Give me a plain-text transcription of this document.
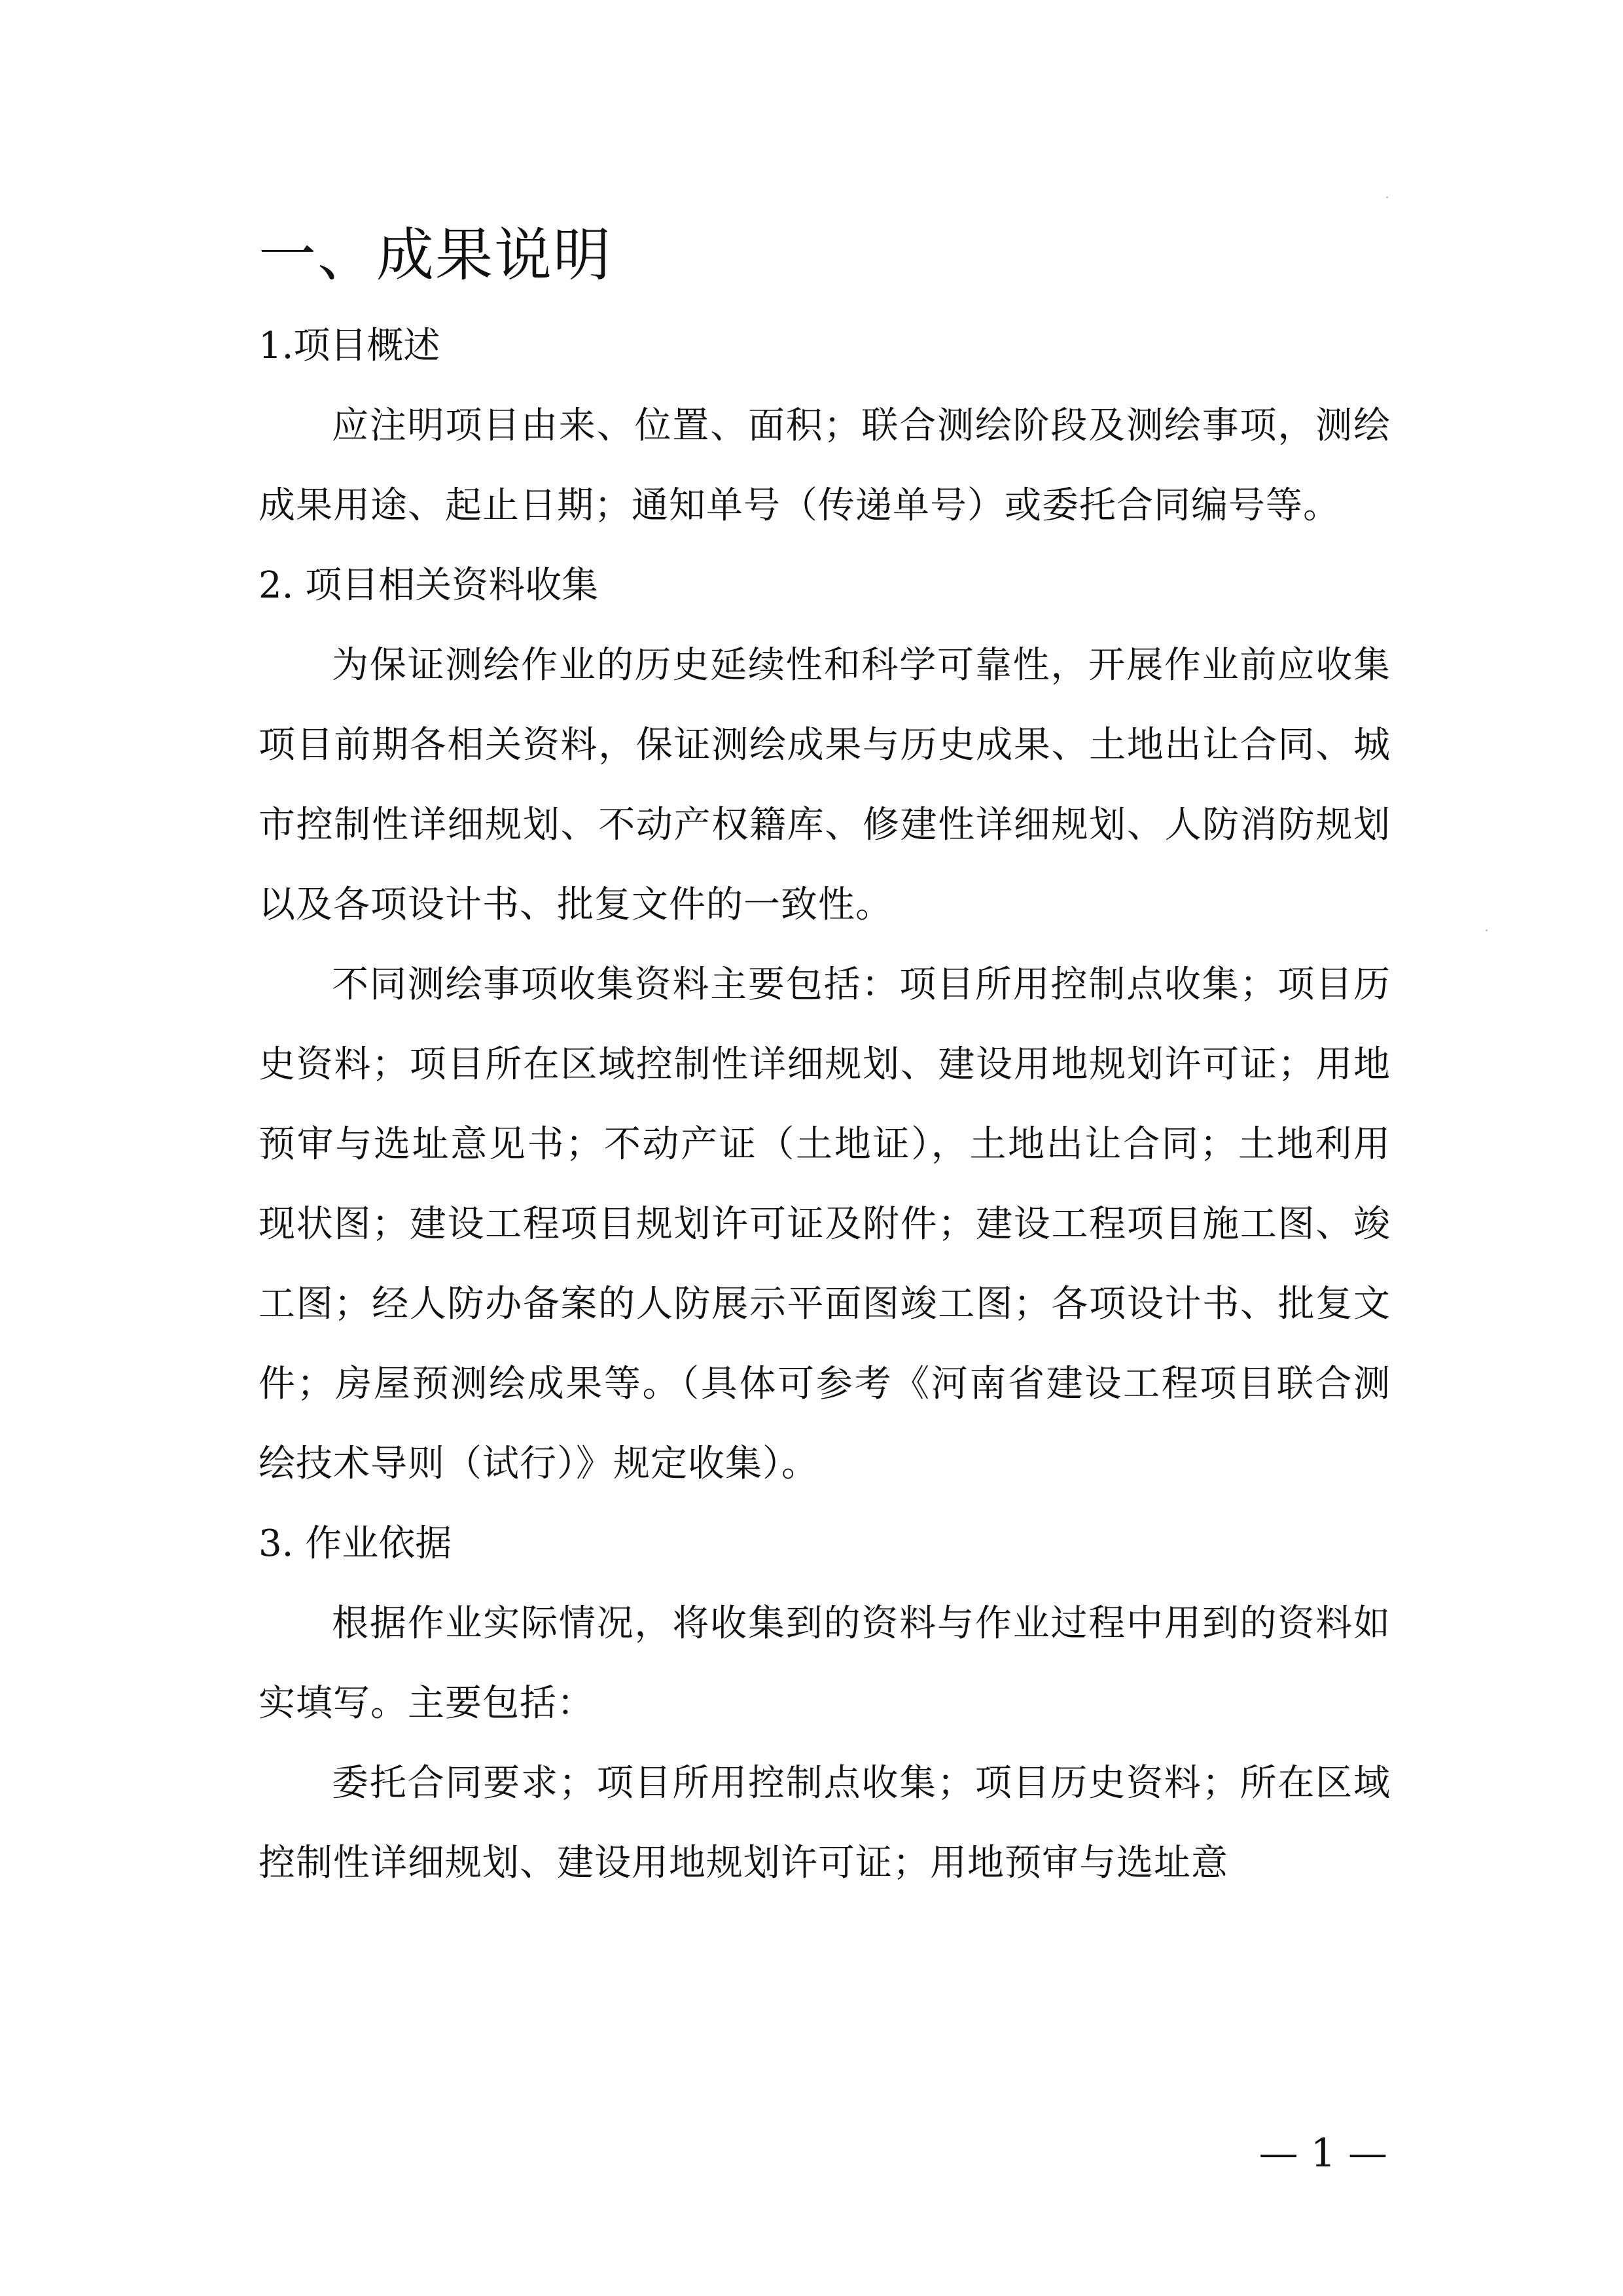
一、成果说明

1.项目概述

应注明项目由来、位置、面积；联合测绘阶段及测绘事项，测绘成果用途、起止日期；通知单号（传递单号）或委托合同编号等。

2. 项目相关资料收集

为保证测绘作业的历史延续性和科学可靠性，开展作业前应收集项目前期各相关资料，保证测绘成果与历史成果、土地出让合同、城市控制性详细规划、不动产权籍库、修建性详细规划、人防消防规划以及各项设计书、批复文件的一致性。

不同测绘事项收集资料主要包括：项目所用控制点收集；项目历史资料；项目所在区域控制性详细规划、建设用地规划许可证；用地预审与选址意见书；不动产证（土地证），土地出让合同；土地利用现状图；建设工程项目规划许可证及附件；建设工程项目施工图、竣工图；经人防办备案的人防展示平面图竣工图；各项设计书、批复文件；房屋预测绘成果等。（具体可参考《河南省建设工程项目联合测绘技术导则（试行）》规定收集）。

3. 作业依据

根据作业实际情况，将收集到的资料与作业过程中用到的资料如实填写。主要包括：

委托合同要求；项目所用控制点收集；项目历史资料；所在区域控制性详细规划、建设用地规划许可证；用地预审与选址意

— 1 —
